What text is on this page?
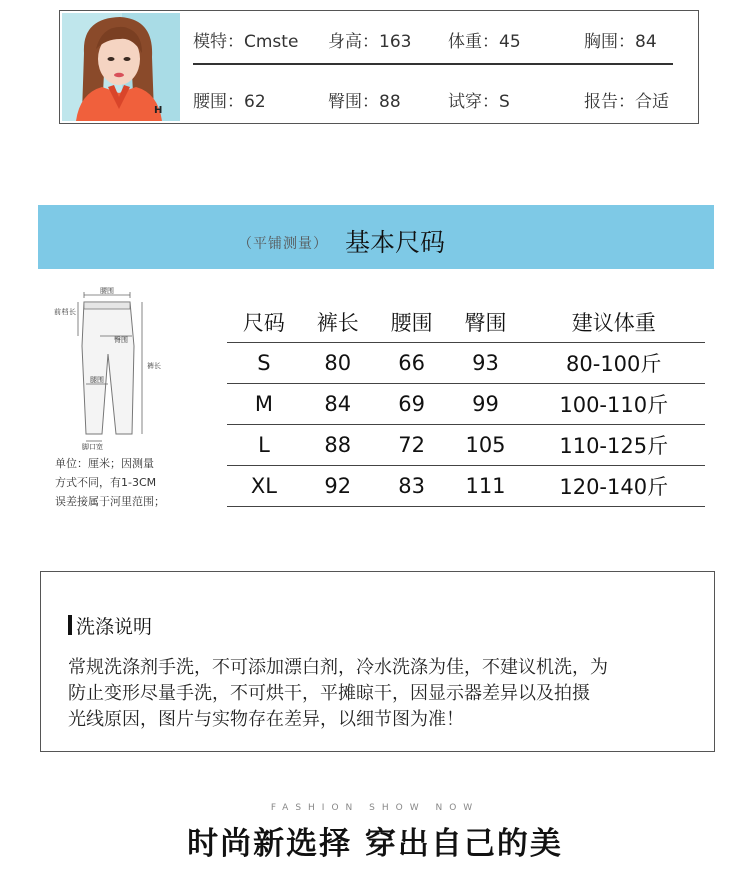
H
模特：Cmste 身高：163 体重：45	胸围：84
腰围：62	臀围：88	试穿：S	报告：合适
（平铺测量） 基本尺码
腰围
前档长
臀围
裤长
腿围
脚口宽
单位：厘米；因测量
方式不同，有1-3CM
误差接属于河里范围；
尺码	裤长	腰围	臀围	建议体重
S	80	66	93	80-100斤
M	84	69	99	100-110斤
L	88	72	105	110-125斤
XL	92	83	111	120-140斤
洗涤说明
常规洗涤剂手洗，不可添加漂白剂，冷水洗涤为佳，不建议机洗，为
防止变形尽量手洗，不可烘干，平摊晾干，因显示器差异以及拍摄
光线原因，图片与实物存在差异，以细节图为准！
FASHION SHOW NOW
时尚新选择 穿出自己的美
